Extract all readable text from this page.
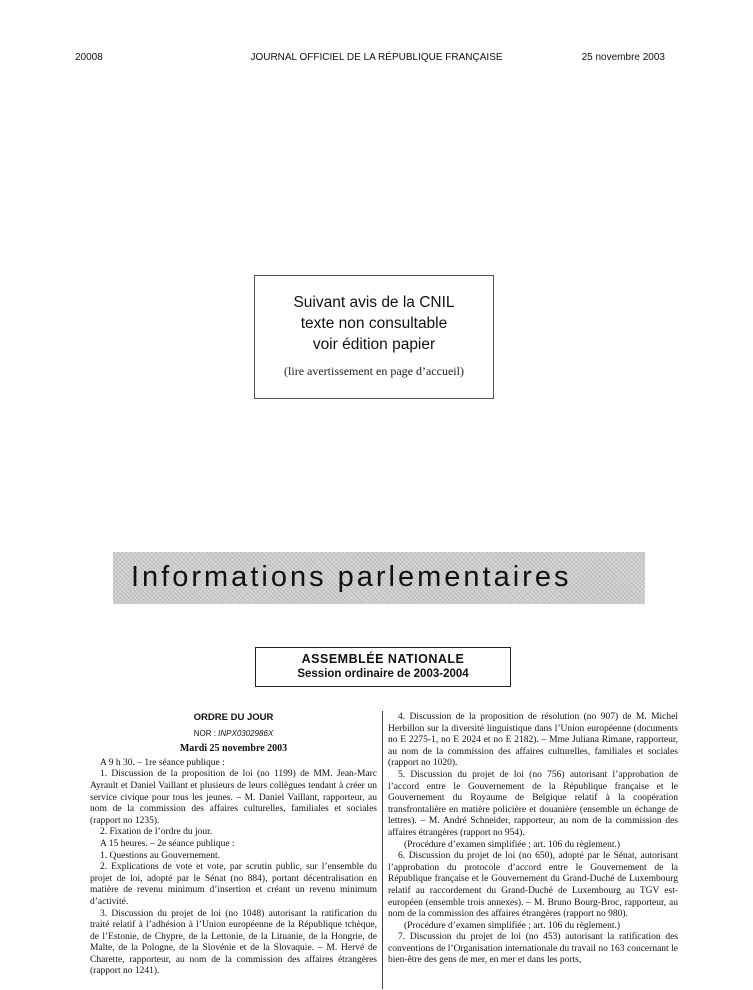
20008	JOURNAL OFFICIEL DE LA RÉPUBLIQUE FRANÇAISE	25 novembre 2003
Suivant avis de la CNIL
texte non consultable
voir édition papier
(lire avertissement en page d’accueil)
Informations parlementaires
ASSEMBLÉE NATIONALE
Session ordinaire de 2003-2004

ORDRE DU JOUR

NOR : INPX0302986X

Mardi 25 novembre 2003

A 9 h 30. – 1re séance publique :

1. Discussion de la proposition de loi (no 1199) de MM. Jean-Marc Ayrault et Daniel Vaillant et plusieurs de leurs collègues tendant à créer un service civique pour tous les jeunes. – M. Daniel Vaillant, rapporteur, au nom de la commission des affaires culturelles, familiales et sociales (rapport no 1235).

2. Fixation de l’ordre du jour.

A 15 heures. – 2e séance publique :

1. Questions au Gouvernement.

2. Explications de vote et vote, par scrutin public, sur l’ensemble du projet de loi, adopté par le Sénat (no 884), portant décentralisation en matière de revenu minimum d’insertion et créant un revenu minimum d’activité.

3. Discussion du projet de loi (no 1048) autorisant la ratification du traité relatif à l’adhésion à l’Union européenne de la République tchèque, de l’Estonie, de Chypre, de la Lettonie, de la Lituanie, de la Hongrie, de Malte, de la Pologne, de la Slovénie et de la Slovaquie. – M. Hervé de Charette, rapporteur, au nom de la commission des affaires étrangères (rapport no 1241).

4. Discussion de la proposition de résolution (no 907) de M. Michel Herbillon sur la diversité linguistique dans l’Union européenne (documents no E 2275-1, no E 2024 et no E 2182). – Mme Juliana Rimane, rapporteur, au nom de la commission des affaires culturelles, familiales et sociales (rapport no 1020).

5. Discussion du projet de loi (no 756) autorisant l’approbation de l’accord entre le Gouvernement de la République française et le Gouvernement du Royaume de Belgique relatif à la coopération transfrontalière en matière policière et douanière (ensemble un échange de lettres). – M. André Schneider, rapporteur, au nom de la commission des affaires étrangères (rapport no 954).

(Procédure d’examen simplifiée ; art. 106 du règlement.)

6. Discussion du projet de loi (no 650), adopté par le Sénat, autorisant l’approbation du protocole d’accord entre le Gouvernement de la République française et le Gouvernement du Grand-Duché de Luxembourg relatif au raccordement du Grand-Duché de Luxembourg au TGV est-européen (ensemble trois annexes). – M. Bruno Bourg-Broc, rapporteur, au nom de la commission des affaires étrangères (rapport no 980).

(Procédure d’examen simplifiée ; art. 106 du règlement.)

7. Discussion du projet de loi (no 453) autorisant la ratification des conventions de l’Organisation internationale du travail no 163 concernant le bien-être des gens de mer, en mer et dans les ports,
